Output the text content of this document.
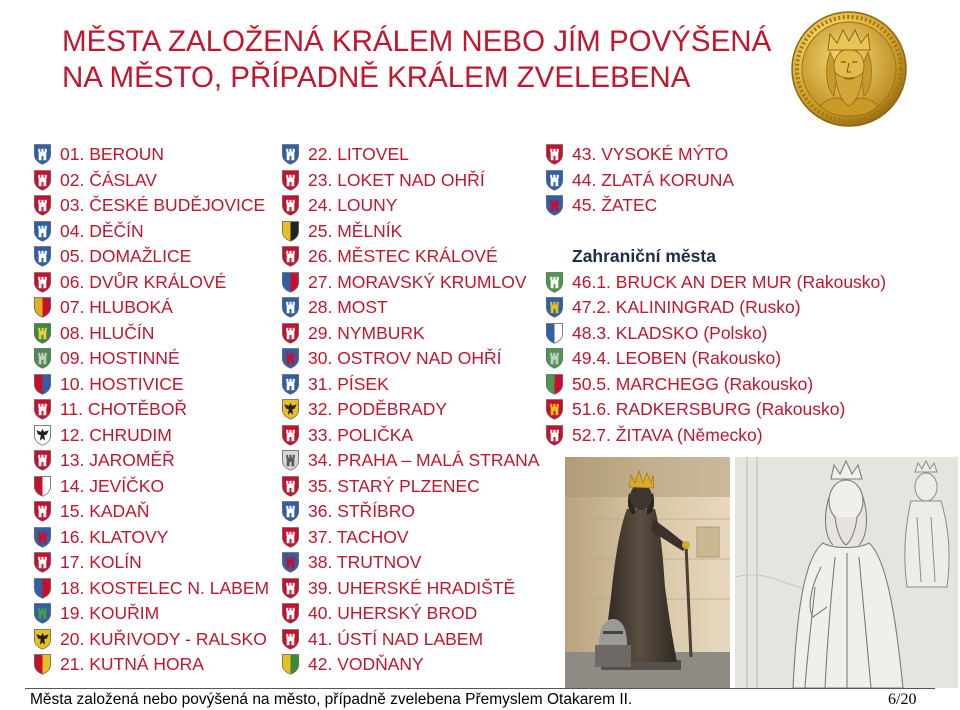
MĚSTA ZALOŽENÁ KRÁLEM NEBO JÍM POVÝŠENÁ
NA MĚSTO, PŘÍPADNĚ KRÁLEM ZVELEBENA
01. BEROUN
02. ČÁSLAV
03. ČESKÉ BUDĚJOVICE
04. DĚČÍN
05. DOMAŽLICE
06. DVŮR KRÁLOVÉ
07. HLUBOKÁ
08. HLUČÍN
09. HOSTINNÉ
10. HOSTIVICE
11. CHOTĚBOŘ
12. CHRUDIM
13. JAROMĚŘ
14. JEVÍČKO
15. KADAŇ
16. KLATOVY
17. KOLÍN
18. KOSTELEC N. LABEM
19. KOUŘIM
20. KUŘIVODY - RALSKO
21. KUTNÁ HORA
22. LITOVEL
23. LOKET NAD OHŘÍ
24. LOUNY
25. MĚLNÍK
26. MĚSTEC KRÁLOVÉ
27. MORAVSKÝ KRUMLOV
28. MOST
29. NYMBURK
30. OSTROV NAD OHŘÍ
31. PÍSEK
32. PODĚBRADY
33. POLIČKA
34. PRAHA – MALÁ STRANA
35. STARÝ PLZENEC
36. STŘÍBRO
37. TACHOV
38. TRUTNOV
39. UHERSKÉ HRADIŠTĚ
40. UHERSKÝ BROD
41. ÚSTÍ NAD LABEM
42. VODŇANY
43. VYSOKÉ MÝTO
44. ZLATÁ KORUNA
45. ŽATEC
Zahraniční města
46.1. BRUCK AN DER MUR (Rakousko)
47.2. KALININGRAD (Rusko)
48.3. KLADSKO (Polsko)
49.4. LEOBEN (Rakousko)
50.5. MARCHEGG (Rakousko)
51.6. RADKERSBURG (Rakousko)
52.7. ŽITAVA (Německo)
Města založená nebo povýšená na město, případně zvelebena Přemyslem Otakarem II.	6/20
